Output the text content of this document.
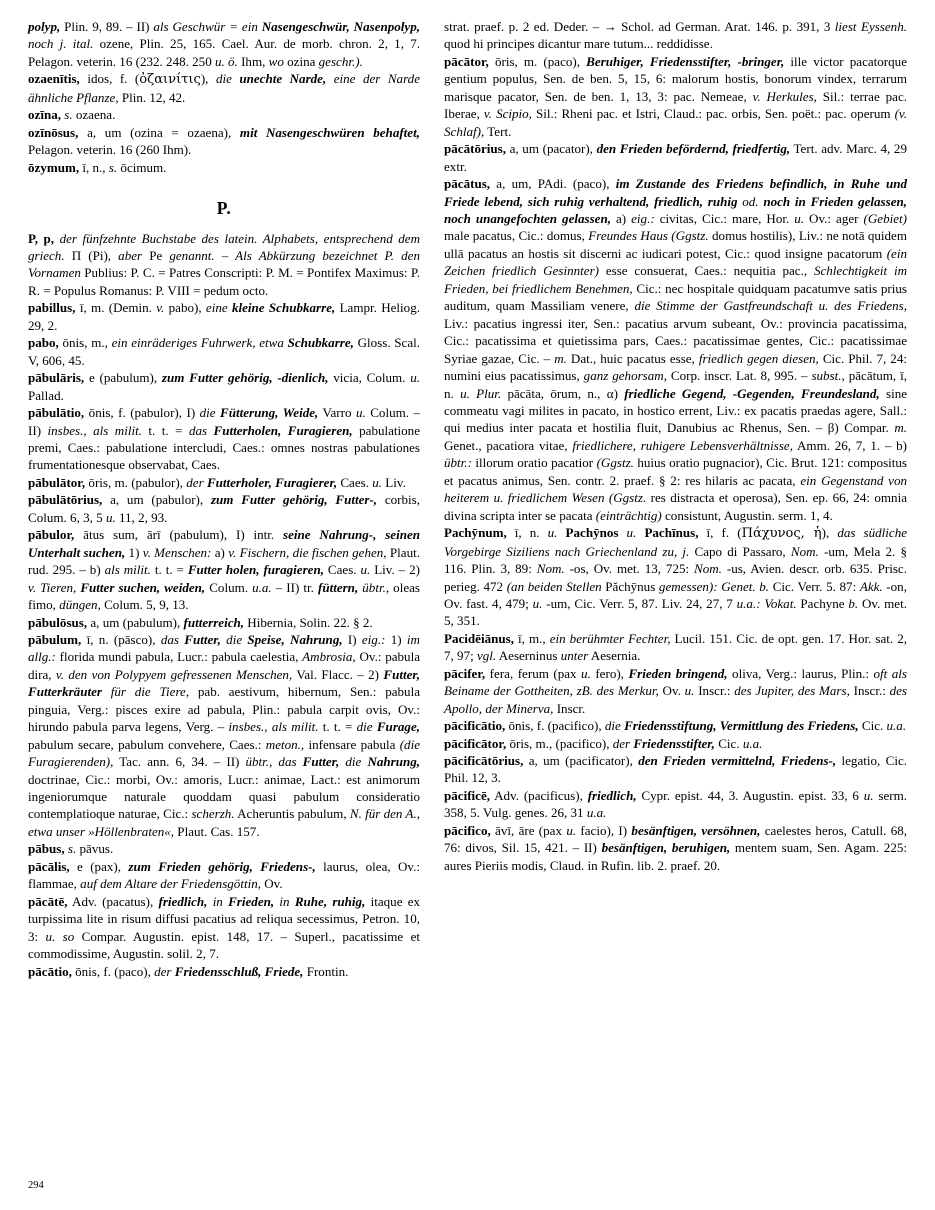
polyp, Plin. 9, 89. – II) als Geschwür = ein Nasengeschwür, Nasenpolyp, noch j. ital. ozene, Plin. 25, 165. Cael. Aur. de morb. chron. 2, 1, 7. Pelagon. veterin. 16 (232. 248. 250 u. ö. Ihm, wo ozina geschr.).

ozaenītis, idos, f. (ὀζαινίτις), die unechte Narde, eine der Narde ähnliche Pflanze, Plin. 12, 42.

ozīna, s. ozaena.

ozīnōsus, a, um (ozina = ozaena), mit Nasengeschwüren behaftet, Pelagon. veterin. 16 (260 Ihm).

ōzymum, ī, n., s. ōcimum.

P.

P, p, der fünfzehnte Buchstabe des latein. Alphabets, entsprechend dem griech. Π (Pi), aber Pe genannt. – Als Abkürzung bezeichnet P. den Vornamen Publius: P. C. = Patres Conscripti: P. M. = Pontifex Maximus: P. R. = Populus Romanus: P. VIII = pedum octo.

pabillus, ī, m. (Demin. v. pabo), eine kleine Schubkarre, Lampr. Heliog. 29, 2.

pabo, ōnis, m., ein einräderiges Fuhrwerk, etwa Schubkarre, Gloss. Scal. V, 606, 45.

pābulāris, e (pabulum), zum Futter gehörig, -dienlich, vicia, Colum. u. Pallad.

pābulātio, ōnis, f. (pabulor), I) die Fütterung, Weide, Varro u. Colum. – II) insbes., als milit. t. t. = das Futterholen, Furagieren, pabulatione premi, Caes.: pabulatione intercludi, Caes.: omnes nostras pabulationes frumentationesque observabat, Caes.

pābulātor, ōris, m. (pabulor), der Futterholer, Furagierer, Caes. u. Liv.

pābulātōrius, a, um (pabulor), zum Futter gehörig, Futter-, corbis, Colum. 6, 3, 5 u. 11, 2, 93.

pābulor, ātus sum, ārī (pabulum), I) intr. seine Nahrung-, seinen Unterhalt suchen, 1) v. Menschen: a) v. Fischern, die fischen gehen, Plaut. rud. 295. – b) als milit. t. t. = Futter holen, furagieren, Caes. u. Liv. – 2) v. Tieren, Futter suchen, weiden, Colum. u.a. – II) tr. füttern, übtr., oleas fimo, düngen, Colum. 5, 9, 13.

pābulōsus, a, um (pabulum), futterreich, Hibernia, Solin. 22. § 2.

pābulum, ī, n. (pāsco), das Futter, die Speise, Nahrung, I) eig.: 1) im allg.: florida mundi pabula, Lucr.: pabula caelestia, Ambrosia, Ov.: pabula dira, v. den von Polypyem gefressenen Menschen, Val. Flacc. – 2) Futter, Futterkräuter für die Tiere, pab. aestivum, hibernum, Sen.: pabula pinguia, Verg.: pisces exire ad pabula, Plin.: pabula carpit ovis, Ov.: hirundo pabula parva legens, Verg. – insbes., als milit. t. t. = die Furage, pabulum secare, pabulum convehere, Caes.: meton., infensare pabula (die Furagierenden), Tac. ann. 6, 34. – II) übtr., das Futter, die Nahrung, doctrinae, Cic.: morbi, Ov.: amoris, Lucr.: animae, Lact.: est animorum ingeniorumque naturale quoddam quasi pabulum consideratio contemplatioque naturae, Cic.: scherzh. Acheruntis pabulum, N. für den A., etwa unser »Höllenbraten«, Plaut. Cas. 157.

pābus, s. pāvus.

pācālis, e (pax), zum Frieden gehörig, Friedens-, laurus, olea, Ov.: flammae, auf dem Altare der Friedensgöttin, Ov.

pācātē, Adv. (pacatus), friedlich, in Frieden, in Ruhe, ruhig, itaque ex turpissima lite in risum diffusi pacatius ad reliqua secessimus, Petron. 10, 3: u. so Compar. Augustin. epist. 148, 17. – Superl., pacatissime et commodissime, Augustin. solil. 2, 7.

pācātio, ōnis, f. (paco), der Friedensschluß, Friede, Frontin.

strat. praef. p. 2 ed. Deder. – → Schol. ad German. Arat. 146. p. 391, 3 liest Eyssenh. quod hi principes dicantur mare tutum... reddidisse.

pācātor, ōris, m. (paco), Beruhiger, Friedensstifter, -bringer, ille victor pacatorque gentium populus, Sen. de ben. 5, 15, 6: malorum hostis, bonorum vindex, terrarum marisque pacator, Sen. de ben. 1, 13, 3: pac. Nemeae, v. Herkules, Sil.: terrae pac. Iberae, v. Scipio, Sil.: Rheni pac. et Istri, Claud.: pac. orbis, Sen. poët.: pac. operum (v. Schlaf), Tert.

pācātōrius, a, um (pacator), den Frieden befördernd, friedfertig, Tert. adv. Marc. 4, 29 extr.

pācātus, a, um, PAdi. (paco), im Zustande des Friedens befindlich, in Ruhe und Friede lebend, sich ruhig verhaltend, friedlich, ruhig od. noch in Frieden gelassen, noch unangefochten gelassen, a) eig.: civitas, Cic.: mare, Hor. u. Ov.: ager (Gebiet) male pacatus, Cic.: domus, Freundes Haus (Ggstz. domus hostilis), Liv.: ne notā quidem ullā pacatus an hostis sit discerni ac iudicari potest, Cic.: quod insigne pacatorum (ein Zeichen friedlich Gesinnter) esse consuerat, Caes.: nequitia pac., Schlechtigkeit im Frieden, bei friedlichem Benehmen, Cic.: nec hospitale quidquam pacatumve satis prius auditum, quam Massiliam venere, die Stimme der Gastfreundschaft u. des Friedens, Liv.: pacatius ingressi iter, Sen.: pacatius arvum subeant, Ov.: provincia pacatissima, Cic.: pacatissima et quietissima pars, Caes.: pacatissimae gentes, Cic.: pacatissimae Syriae gazae, Cic. – m. Dat., huic pacatus esse, friedlich gegen diesen, Cic. Phil. 7, 24: numini eius pacatissimus, ganz gehorsam, Corp. inscr. Lat. 8, 995. – subst., pācātum, ī, n. u. Plur. pācāta, ōrum, n., α) friedliche Gegend, -Gegenden, Freundesland, sine commeatu vagi milites in pacato, in hostico errent, Liv.: ex pacatis praedas agere, Sall.: qui medius inter pacata et hostilia fluit, Danubius ac Rhenus, Sen. – β) Compar. m. Genet., pacatiora vitae, friedlichere, ruhigere Lebensverhältnisse, Amm. 26, 7, 1. – b) übtr.: illorum oratio pacatior (Ggstz. huius oratio pugnacior), Cic. Brut. 121: compositus et pacatus animus, Sen. contr. 2. praef. § 2: res hilaris ac pacata, ein Gegenstand von heiterem u. friedlichem Wesen (Ggstz. res distracta et operosa), Sen. ep. 66, 24: omnia divina scripta inter se pacata (einträchtig) consistunt, Augustin. serm. 1, 4.

Pachȳnum, ī, n. u. Pachȳnos u. Pachīnus, ī, f. (Πάχυνος, ἡ), das südliche Vorgebirge Siziliens nach Griechenland zu, j. Capo di Passaro, Nom. -um, Mela 2. § 116. Plin. 3, 89: Nom. -os, Ov. met. 13, 725: Nom. -us, Avien. descr. orb. 635. Prisc. perieg. 472 (an beiden Stellen Păchȳnus gemessen): Genet. b. Cic. Verr. 5. 87: Akk. -on, Ov. fast. 4, 479; u. -um, Cic. Verr. 5, 87. Liv. 24, 27, 7 u.a.: Vokat. Pachyne b. Ov. met. 5, 351.

Pacidēiānus, ī, m., ein berühmter Fechter, Lucil. 151. Cic. de opt. gen. 17. Hor. sat. 2, 7, 97; vgl. Aeserninus unter Aesernia.

pācifer, fera, ferum (pax u. fero), Frieden bringend, oliva, Verg.: laurus, Plin.: oft als Beiname der Gottheiten, zB. des Merkur, Ov. u. Inscr.: des Jupiter, des Mars, Inscr.: des Apollo, der Minerva, Inscr.

pācificātio, ōnis, f. (pacifico), die Friedensstiftung, Vermittlung des Friedens, Cic. u.a.

pācificātor, ōris, m., (pacifico), der Friedensstifter, Cic. u.a.

pācificātōrius, a, um (pacificator), den Frieden vermittelnd, Friedens-, legatio, Cic. Phil. 12, 3.

pācificē, Adv. (pacificus), friedlich, Cypr. epist. 44, 3. Augustin. epist. 33, 6 u. serm. 358, 5. Vulg. genes. 26, 31 u.a.

pācifico, āvī, āre (pax u. facio), I) besänftigen, versöhnen, caelestes heros, Catull. 68, 76: divos, Sil. 15, 421. – II) besänftigen, beruhigen, mentem suam, Sen. Agam. 225: aures Pieriis modis, Claud. in Rufin. lib. 2. praef. 20.

294
